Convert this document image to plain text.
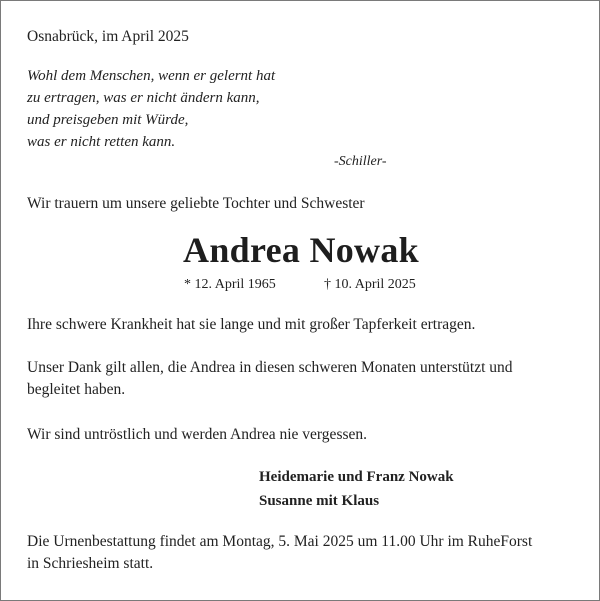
Osnabrück, im April 2025

Wohl dem Menschen, wenn er gelernt hat
zu ertragen, was er nicht ändern kann,
und preisgeben mit Würde,
was er nicht retten kann.

-Schiller-

Wir trauern um unsere geliebte Tochter und Schwester

Andrea Nowak

* 12. April 1965	† 10. April 2025

Ihre schwere Krankheit hat sie lange und mit großer Tapferkeit ertragen.

Unser Dank gilt allen, die Andrea in diesen schweren Monaten unterstützt und

begleitet haben.

Wir sind untröstlich und werden Andrea nie vergessen.

Heidemarie und Franz Nowak
Susanne mit Klaus

Die Urnenbestattung findet am Montag, 5. Mai 2025 um 11.00 Uhr im RuheForst

in Schriesheim statt.
